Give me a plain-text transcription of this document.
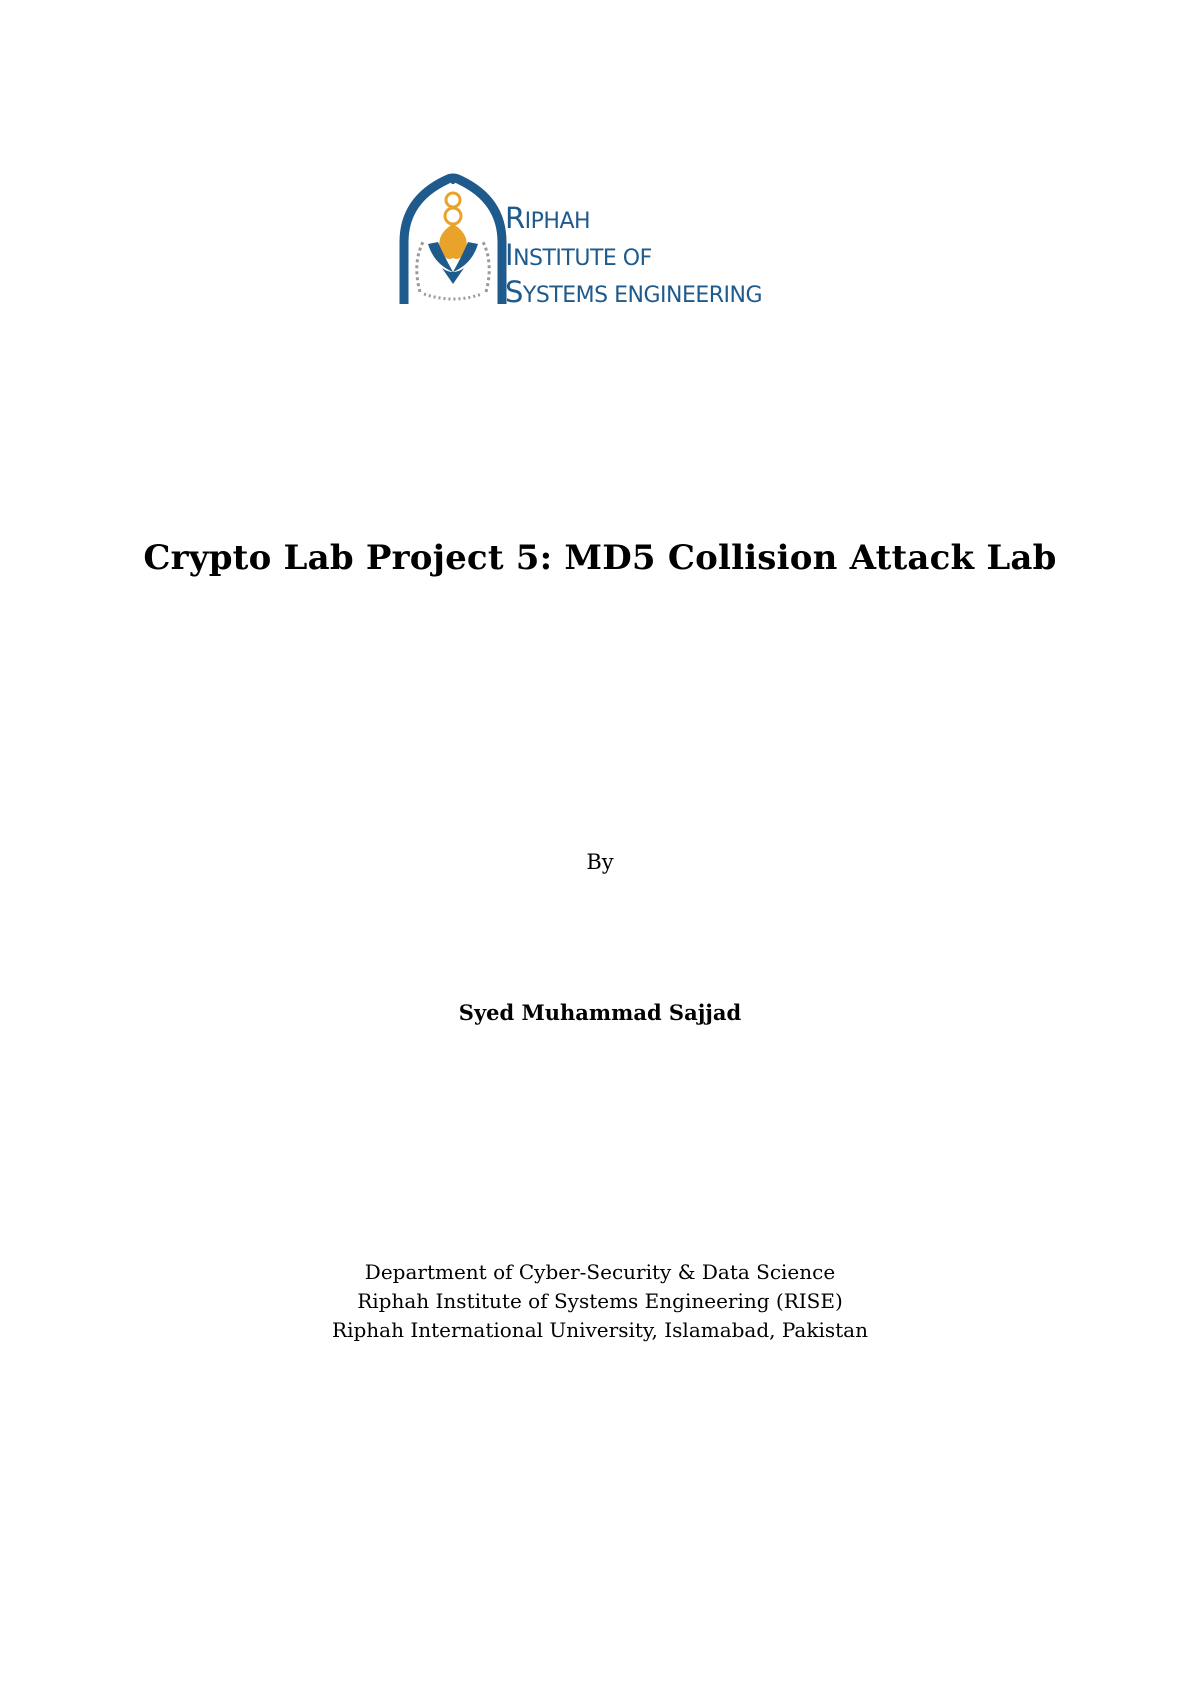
RIPHAH
INSTITUTE OF
SYSTEMS ENGINEERING
Crypto Lab Project 5: MD5 Collision Attack Lab
By
Syed Muhammad Sajjad
Department of Cyber-Security & Data Science
Riphah Institute of Systems Engineering (RISE)
Riphah International University, Islamabad, Pakistan
